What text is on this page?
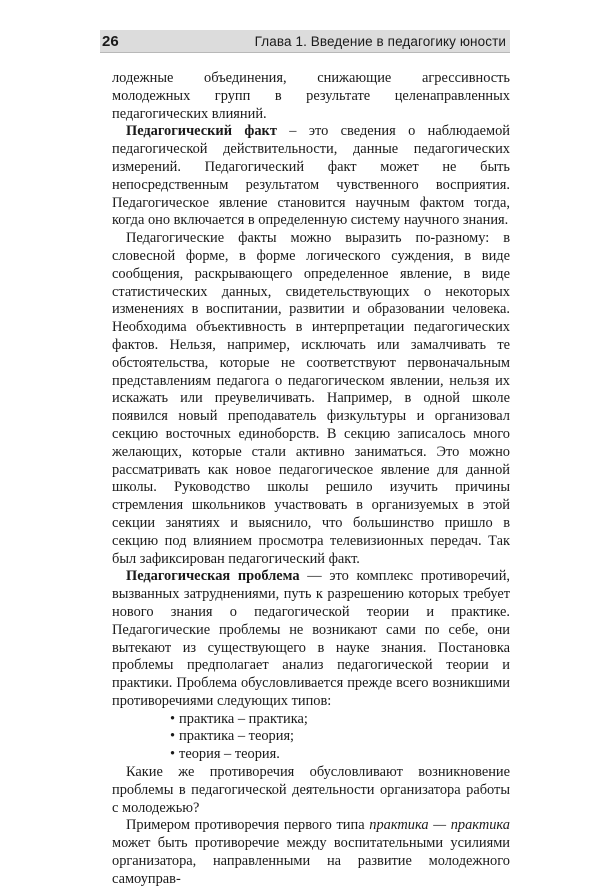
26	Глава 1. Введение в педагогику юности

лодежные объединения, снижающие агрессивность молодежных групп в результате целенаправленных педагогических влияний.

Педагогический факт – это сведения о наблюдаемой педагогической действительности, данные педагогических измерений. Педагогический факт может не быть непосредственным результатом чувственного восприятия. Педагогическое явление становится научным фактом тогда, когда оно включается в определенную систему научного знания.

Педагогические факты можно выразить по-разному: в словесной форме, в форме логического суждения, в виде сообщения, раскрывающего определенное явление, в виде статистических данных, свидетельствующих о некоторых изменениях в воспитании, развитии и образовании человека. Необходима объективность в интерпретации педагогических фактов. Нельзя, например, исключать или замалчивать те обстоятельства, которые не соответствуют первоначальным представлениям педагога о педагогическом явлении, нельзя их искажать или преувеличивать. Например, в одной школе появился новый преподаватель физкультуры и организовал секцию восточных единоборств. В секцию записалось много желающих, которые стали активно заниматься. Это можно рассматривать как новое педагогическое явление для данной школы. Руководство школы решило изучить причины стремления школьников участвовать в организуемых в этой секции занятиях и выяснило, что большинство пришло в секцию под влиянием просмотра телевизионных передач. Так был зафиксирован педагогический факт.

Педагогическая проблема — это комплекс противоречий, вызванных затруднениями, путь к разрешению которых требует нового знания о педагогической теории и практике. Педагогические проблемы не возникают сами по себе, они вытекают из существующего в науке знания. Постановка проблемы предполагает анализ педагогической теории и практики. Проблема обусловливается прежде всего возникшими противоречиями следующих типов:

• практика – практика;
• практика – теория;
• теория – теория.

Какие же противоречия обусловливают возникновение проблемы в педагогической деятельности организатора работы с молодежью?

Примером противоречия первого типа практика — практика может быть противоречие между воспитательными усилиями организатора, направленными на развитие молодежного самоуправ-
